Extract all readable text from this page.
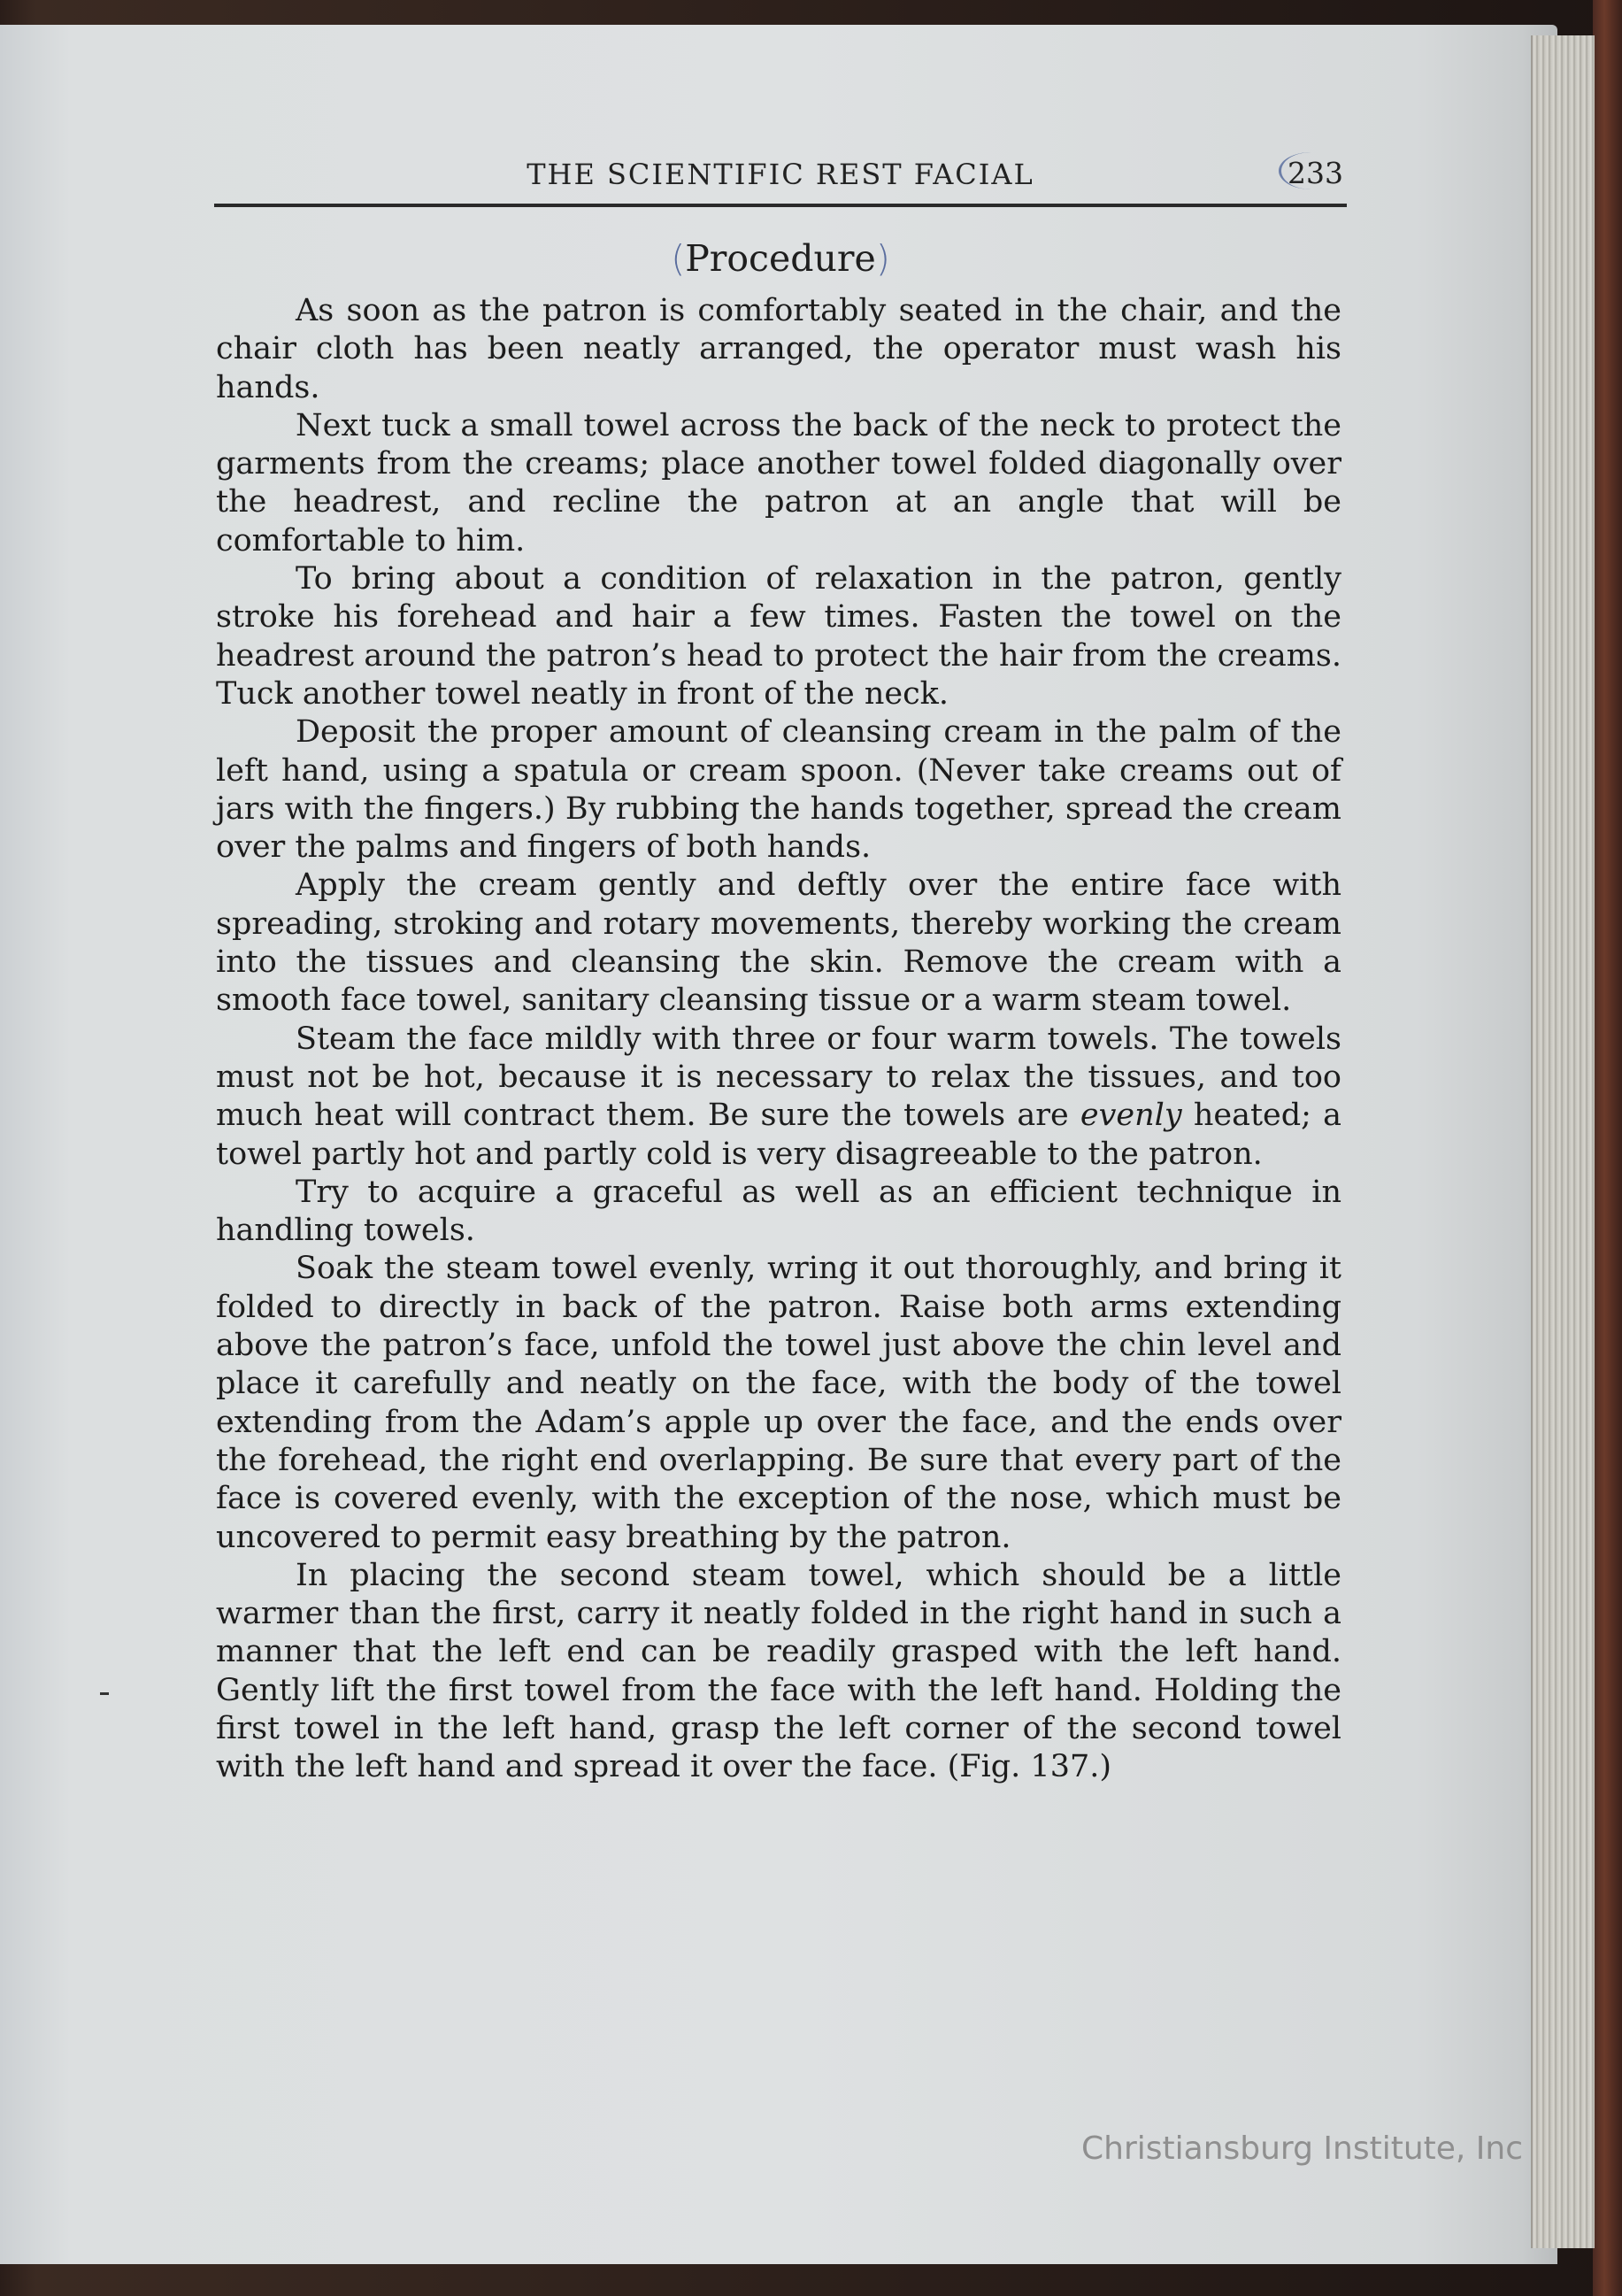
THE SCIENTIFIC REST FACIAL	233
(Procedure)

As soon as the patron is comfortably seated in the chair, and the chair cloth has been neatly arranged, the operator must wash his hands.

Next tuck a small towel across the back of the neck to protect the garments from the creams; place another towel folded diagonally over the headrest, and recline the patron at an angle that will be comfortable to him.

To bring about a condition of relaxation in the patron, gently stroke his forehead and hair a few times. Fasten the towel on the headrest around the patron’s head to protect the hair from the creams. Tuck another towel neatly in front of the neck.

Deposit the proper amount of cleansing cream in the palm of the left hand, using a spatula or cream spoon. (Never take creams out of jars with the fingers.) By rubbing the hands together, spread the cream over the palms and fingers of both hands.

Apply the cream gently and deftly over the entire face with spreading, stroking and rotary movements, thereby working the cream into the tissues and cleansing the skin. Remove the cream with a smooth face towel, sanitary cleansing tissue or a warm steam towel.

Steam the face mildly with three or four warm towels. The towels must not be hot, because it is necessary to relax the tissues, and too much heat will contract them. Be sure the towels are evenly heated; a towel partly hot and partly cold is very disagreeable to the patron.

Try to acquire a graceful as well as an efficient technique in handling towels.

Soak the steam towel evenly, wring it out thoroughly, and bring it folded to directly in back of the patron. Raise both arms extending above the patron’s face, unfold the towel just above the chin level and place it carefully and neatly on the face, with the body of the towel extending from the Adam’s apple up over the face, and the ends over the forehead, the right end overlapping. Be sure that every part of the face is covered evenly, with the exception of the nose, which must be uncovered to permit easy breathing by the patron.

In placing the second steam towel, which should be a little warmer than the first, carry it neatly folded in the right hand in such a manner that the left end can be readily grasped with the left hand. Gently lift the first towel from the face with the left hand. Holding the first towel in the left hand, grasp the left corner of the second towel with the left hand and spread it over the face. (Fig. 137.)

Christiansburg Institute, Inc
